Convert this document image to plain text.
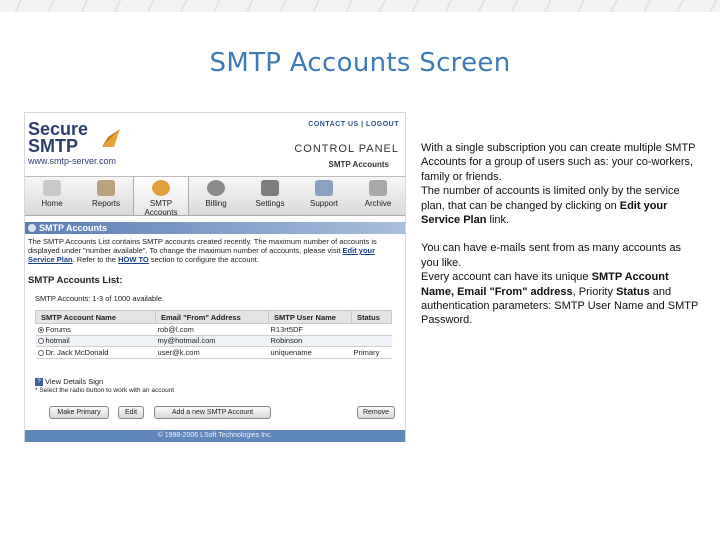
SMTP Accounts Screen
Secure
SMTP
www.smtp-server.com
CONTACT US | LOGOUT
CONTROL PANEL
SMTP Accounts
Home	Reports	SMTP Accounts
Billing	Settings	Support	Archive
SMTP Accounts
The SMTP Accounts List contains SMTP accounts created recently. The maximum number of accounts is displayed under "number available". To change the maximum number of accounts, please visit Edit your Service Plan. Refer to the HOW TO section to configure the account.
SMTP Accounts List:
SMTP Accounts: 1-3 of 1000 available.
SMTP Account Name	Email "From" Address	SMTP User Name	Status
Forums	rob@l.com	R13rt5DF	
hotmail	my@hotmail.com	Robinson	
Dr. Jack McDonald	user@k.com	uniquename	Primary
? View Details Sign
* Select the radio button to work with an account
Make Primary	Edit	Add a new SMTP Account	Remove
© 1998-2006 LSoft Technologies Inc.

With a single subscription you can create multiple SMTP Accounts for a group of users such as: your co-workers, family or friends.
The number of accounts is limited only by the service plan, that can be changed by clicking on Edit your Service Plan link.

You can have e-mails sent from as many accounts as you like.
Every account can have its unique SMTP Account Name, Email "From" address, Priority Status and authentication parameters: SMTP User Name and SMTP Password.
